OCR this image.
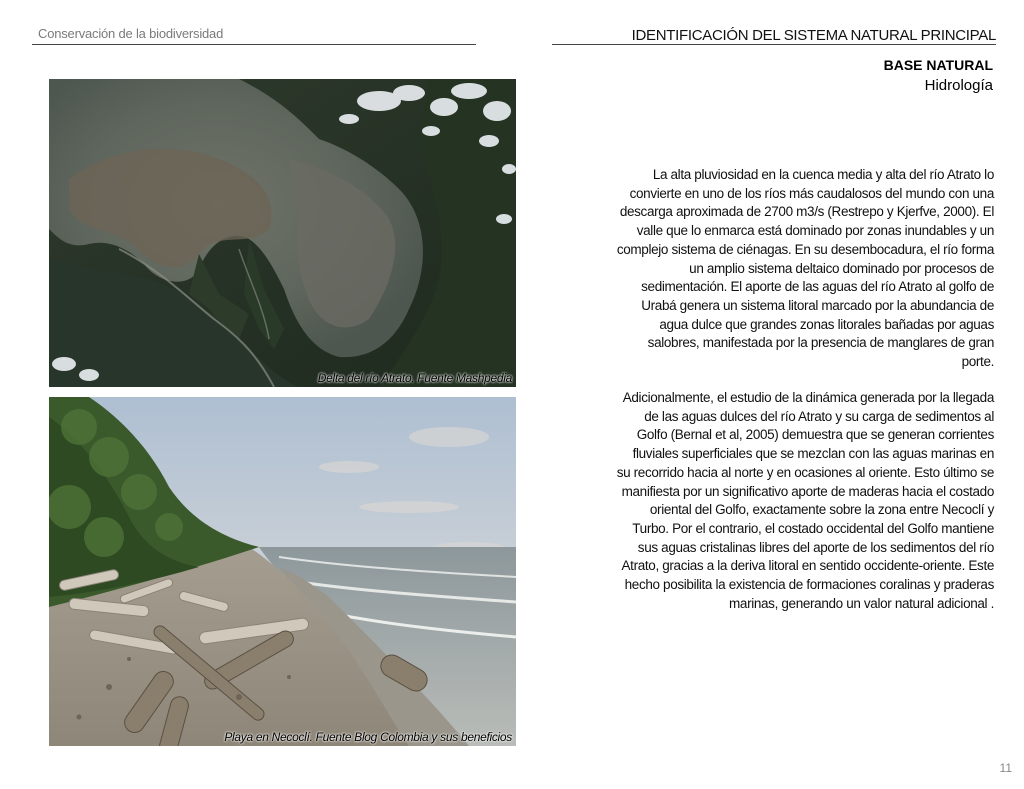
Conservación de la biodiversidad	IDENTIFICACIÓN DEL SISTEMA NATURAL PRINCIPAL
BASE NATURAL
Hidrología
Delta del río Atrato. Fuente Mashpedia
Playa en Necoclí. Fuente Blog Colombia y sus beneficios
La alta pluviosidad en la cuenca media y alta del río Atrato lo convierte en uno de los ríos más caudalosos del mundo con una descarga aproximada de 2700 m3/s (Restrepo y Kjerfve, 2000). El valle que lo enmarca está dominado por zonas inundables y un complejo sistema de ciénagas. En su desembocadura, el río forma un amplio sistema deltaico dominado por procesos de sedimentación. El aporte de las aguas del río Atrato al golfo de Urabá genera un sistema litoral marcado por la abundancia de agua dulce que grandes zonas litorales bañadas por aguas salobres, manifestada por la presencia de manglares de gran porte.
Adicionalmente, el estudio de la dinámica generada por la llegada de las aguas dulces del río Atrato y su carga de sedimentos al Golfo (Bernal et al, 2005) demuestra que se generan corrientes fluviales superficiales que se mezclan con las aguas marinas en su recorrido hacia al norte y en ocasiones al oriente. Esto último se manifiesta por un significativo aporte de maderas hacia el costado oriental del Golfo, exactamente sobre la zona entre Necoclí y Turbo. Por el contrario, el costado occidental del Golfo mantiene sus aguas cristalinas libres del aporte de los sedimentos del río Atrato, gracias a la deriva litoral en sentido occidente-oriente. Este hecho posibilita la existencia de formaciones coralinas y praderas marinas, generando un valor natural adicional .
11
